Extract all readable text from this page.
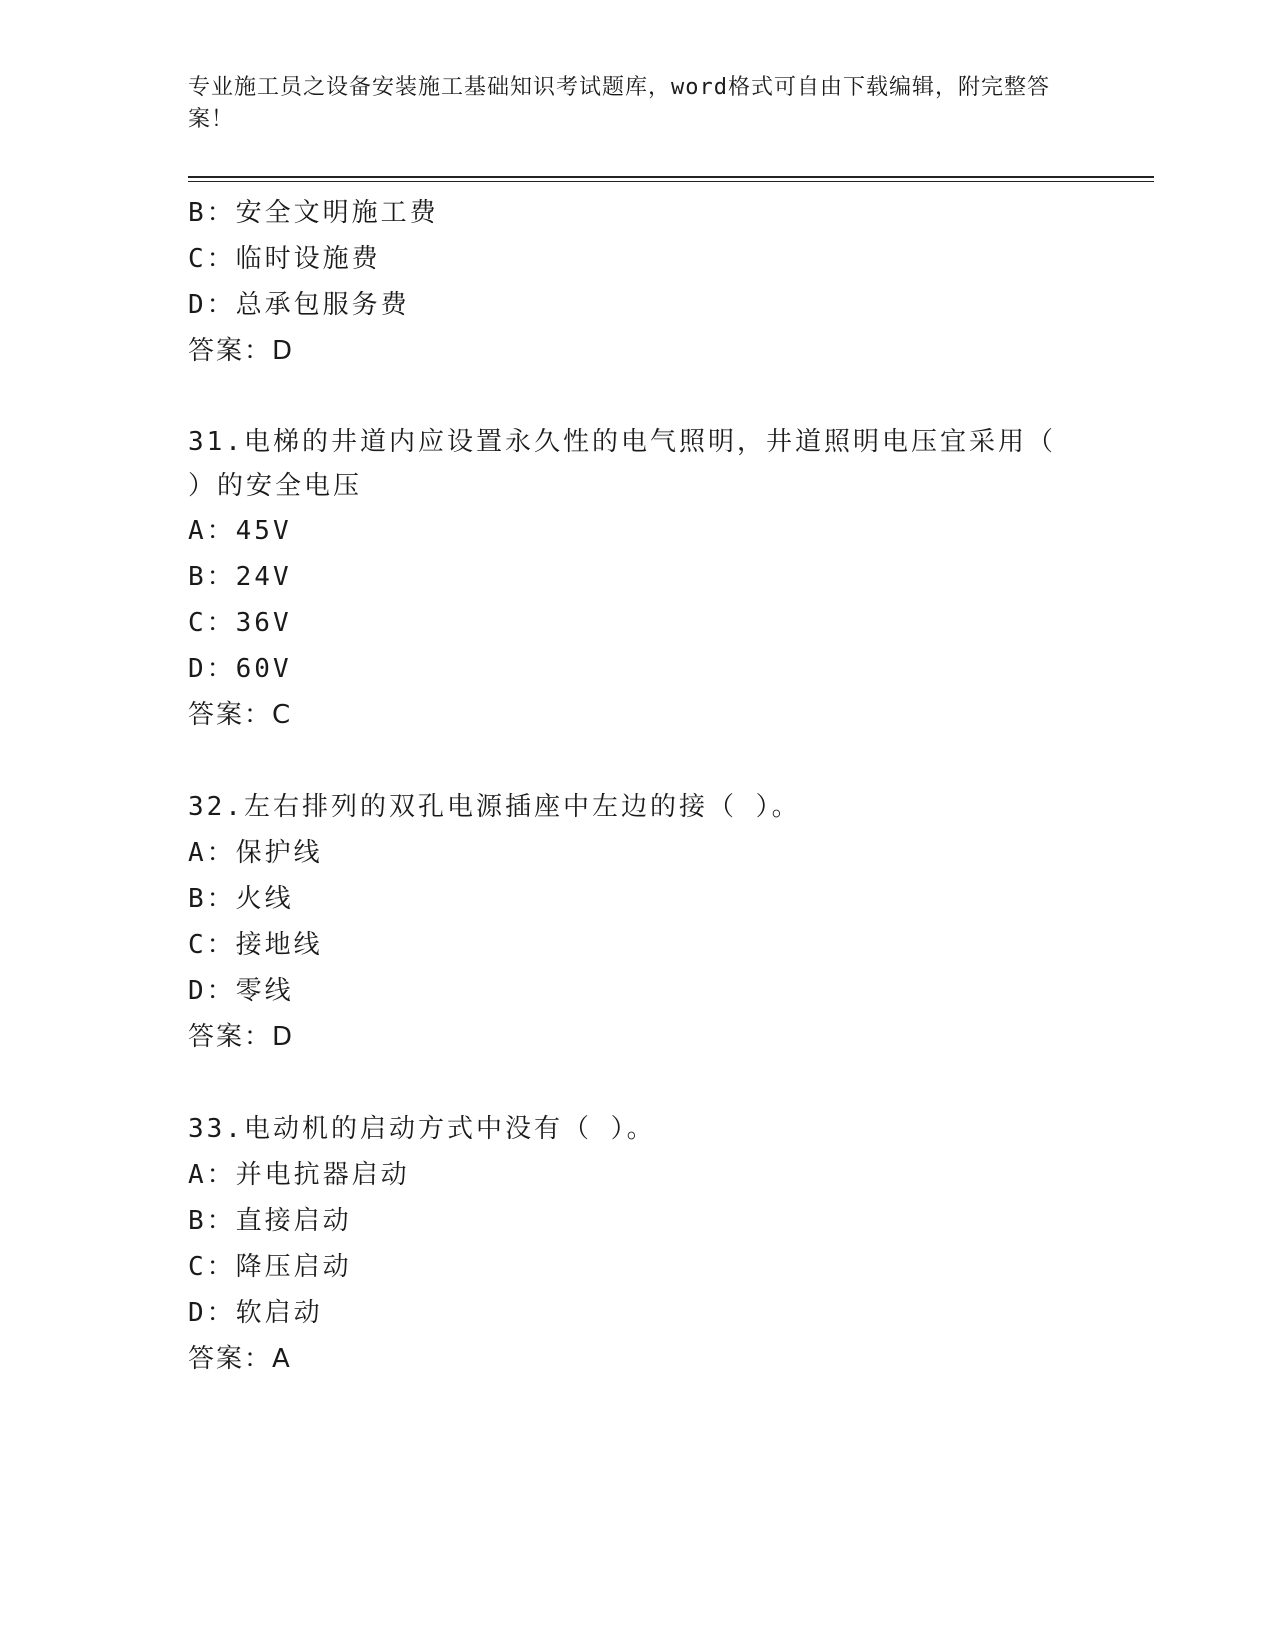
专业施工员之设备安装施工基础知识考试题库，word格式可自由下载编辑，附完整答案！
B：安全文明施工费
C：临时设施费
D：总承包服务费
答案：D
31.电梯的井道内应设置永久性的电气照明，井道照明电压宜采用（ ）的安全电压
A：45V
B：24V
C：36V
D：60V
答案：C
32.左右排列的双孔电源插座中左边的接（ ）。
A：保护线
B：火线
C：接地线
D：零线
答案：D
33.电动机的启动方式中没有（ ）。
A：并电抗器启动
B：直接启动
C：降压启动
D：软启动
答案：A
